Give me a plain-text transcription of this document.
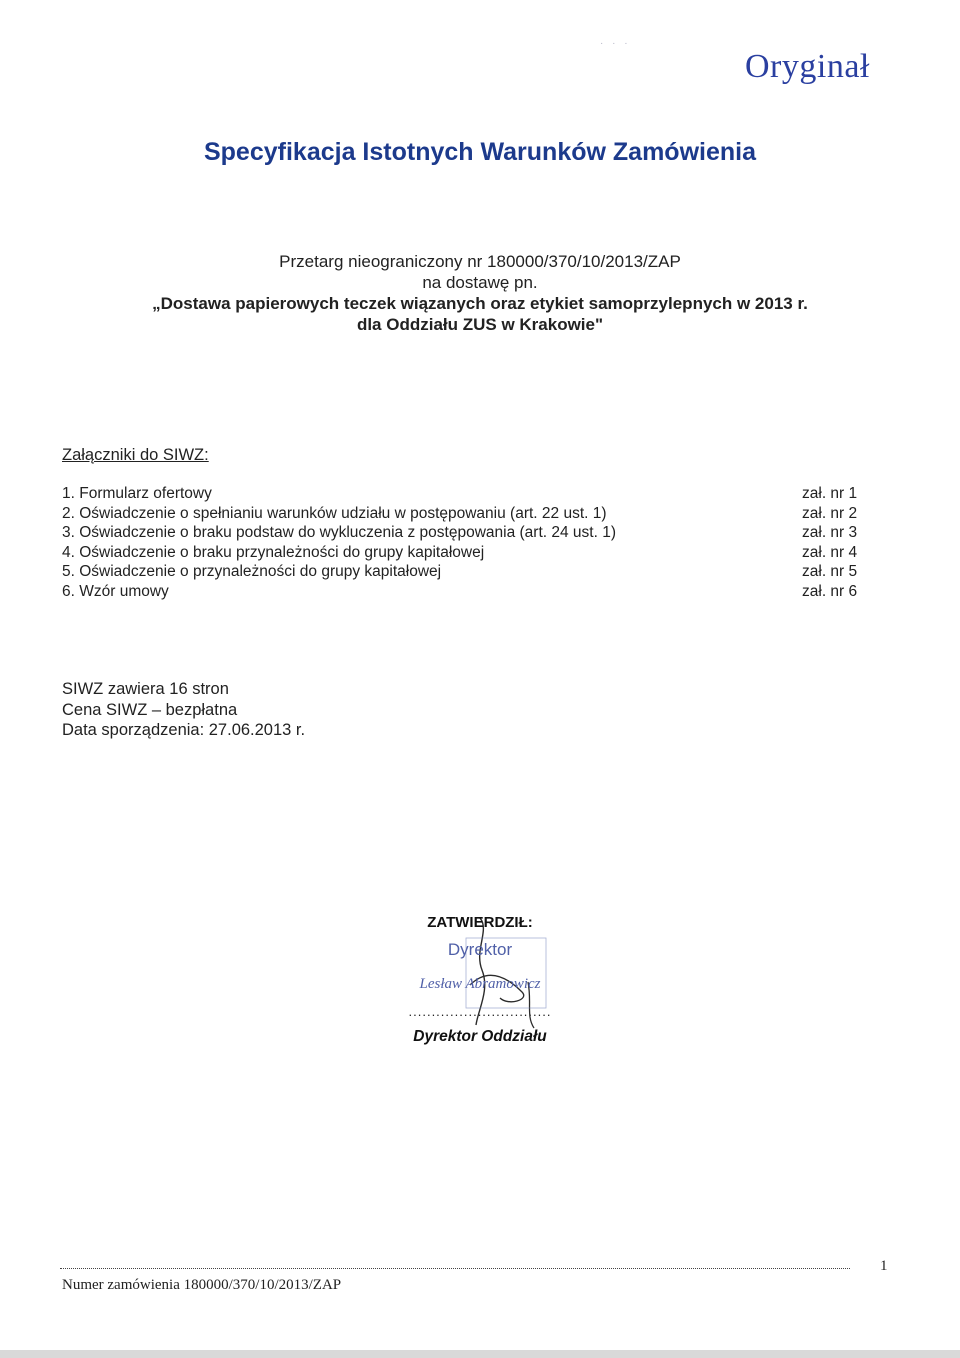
· · ·
Oryginał
Specyfikacja Istotnych Warunków Zamówienia
Przetarg nieograniczony nr 180000/370/10/2013/ZAP
na dostawę pn.
„Dostawa papierowych teczek wiązanych oraz etykiet samoprzylepnych w 2013 r.
dla Oddziału ZUS w Krakowie"
Załączniki do SIWZ:
1. Formularz ofertowy	zał. nr 1
2. Oświadczenie o spełnianiu warunków udziału w postępowaniu (art. 22 ust. 1)	zał. nr 2
3. Oświadczenie o braku podstaw do wykluczenia z postępowania (art. 24 ust. 1)	zał. nr 3
4. Oświadczenie o braku przynależności do grupy kapitałowej	zał. nr 4
5. Oświadczenie o przynależności do grupy kapitałowej	zał. nr 5
6. Wzór umowy	zał. nr 6
SIWZ zawiera 16 stron
Cena SIWZ – bezpłatna
Data sporządzenia: 27.06.2013 r.
ZATWIERDZIŁ:
Dyrektor
Lesław Abramowicz
...............................
Dyrektor Oddziału
1
Numer zamówienia 180000/370/10/2013/ZAP
